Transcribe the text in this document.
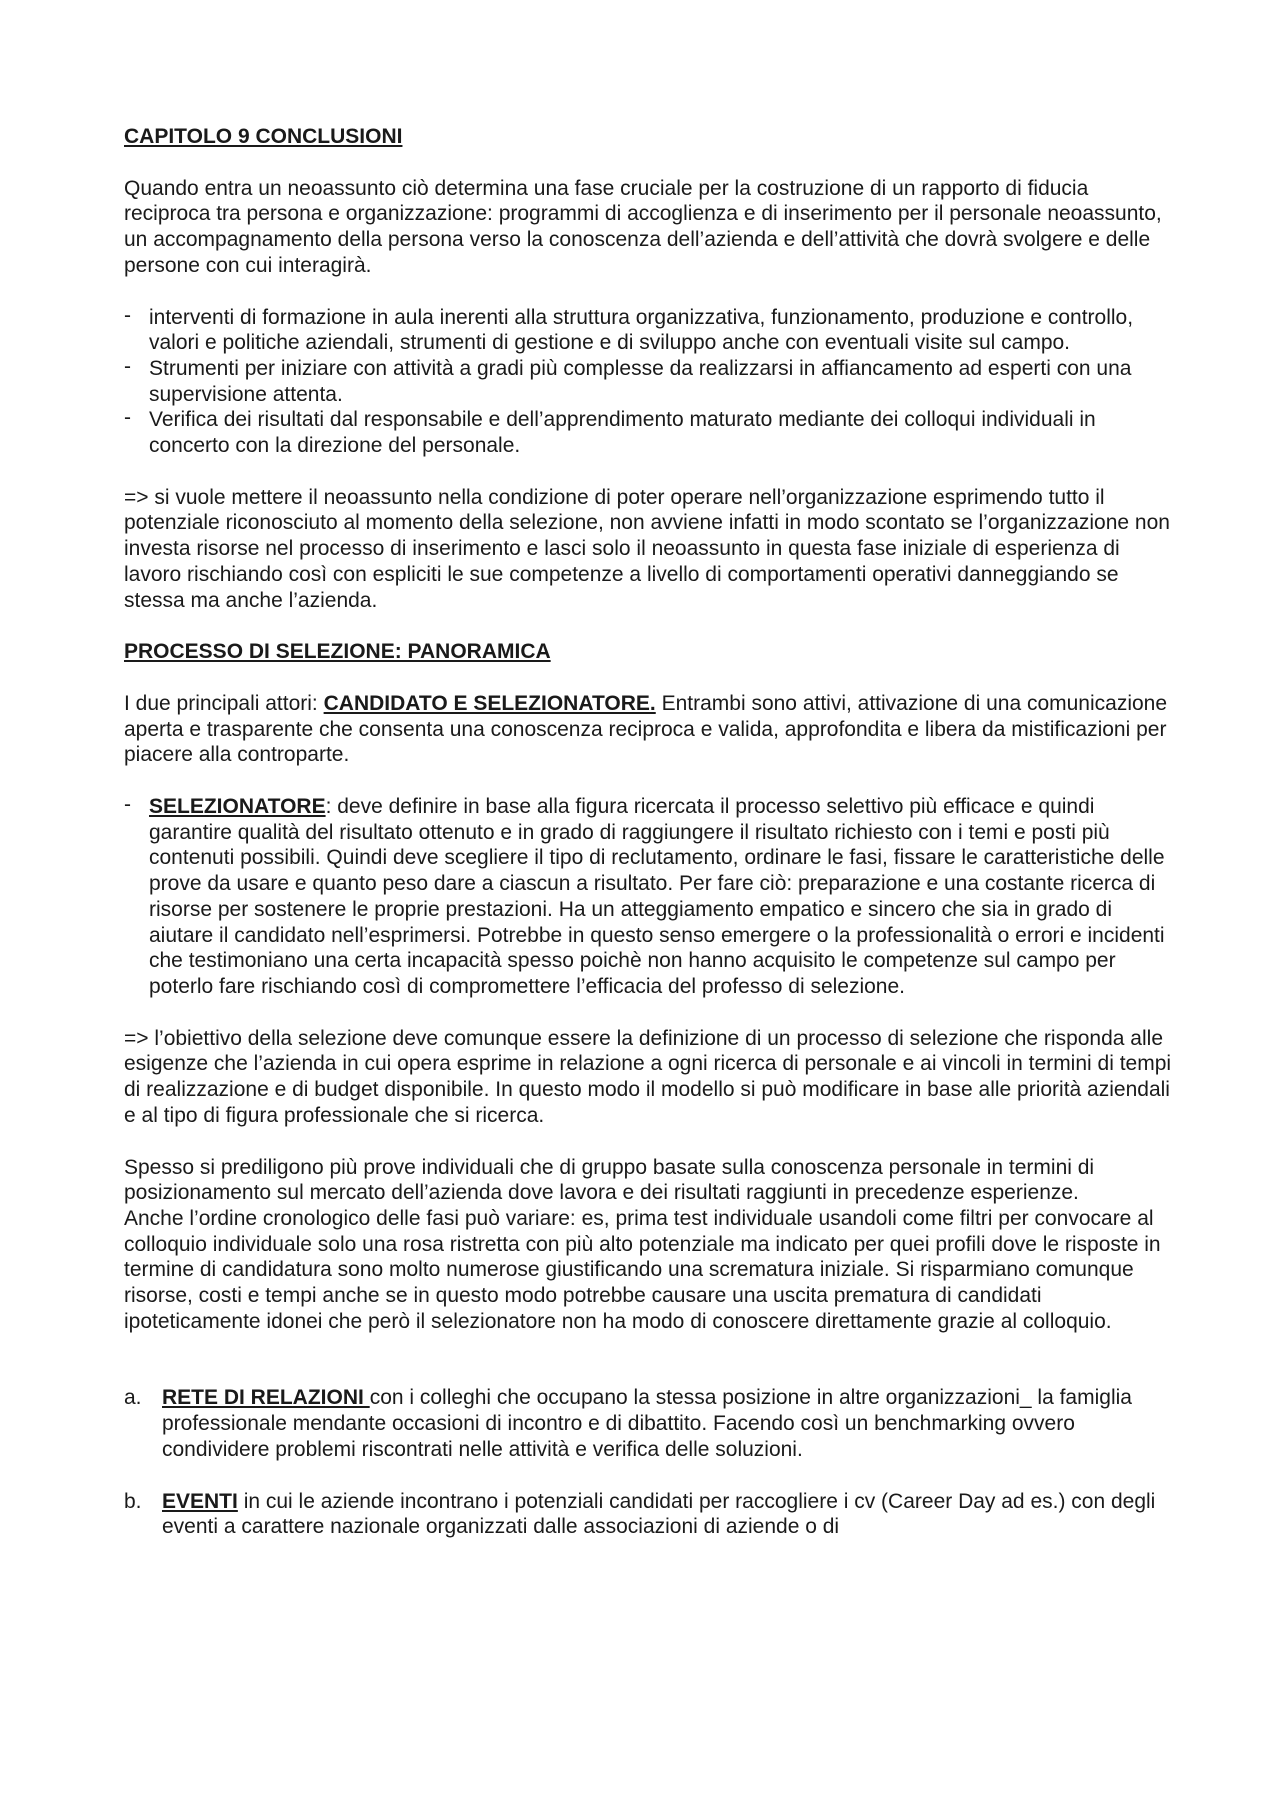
CAPITOLO 9 CONCLUSIONI

Quando entra un neoassunto ciò determina una fase cruciale per la costruzione di un rapporto di fiducia reciproca tra persona e organizzazione: programmi di accoglienza e di inserimento per il personale neoassunto, un accompagnamento della persona verso la conoscenza dell’azienda e dell’attività che dovrà svolgere e delle persone con cui interagirà.

- interventi di formazione in aula inerenti alla struttura organizzativa, funzionamento, produzione e controllo, valori e politiche aziendali, strumenti di gestione e di sviluppo anche con eventuali visite sul campo.
- Strumenti per iniziare con attività a gradi più complesse da realizzarsi in affiancamento ad esperti con una supervisione attenta.
- Verifica dei risultati dal responsabile e dell’apprendimento maturato mediante dei colloqui individuali in concerto con la direzione del personale.

=> si vuole mettere il neoassunto nella condizione di poter operare nell’organizzazione esprimendo tutto il potenziale riconosciuto al momento della selezione, non avviene infatti in modo scontato se l’organizzazione non investa risorse nel processo di inserimento e lasci solo il neoassunto in questa fase iniziale di esperienza di lavoro rischiando così con espliciti le sue competenze a livello di comportamenti operativi danneggiando se stessa ma anche l’azienda.

PROCESSO DI SELEZIONE: PANORAMICA

I due principali attori: CANDIDATO E SELEZIONATORE. Entrambi sono attivi, attivazione di una comunicazione aperta e trasparente che consenta una conoscenza reciproca e valida, approfondita e libera da mistificazioni per piacere alla controparte.

- SELEZIONATORE: deve definire in base alla figura ricercata il processo selettivo più efficace e quindi garantire qualità del risultato ottenuto e in grado di raggiungere il risultato richiesto con i temi e posti più contenuti possibili. Quindi deve scegliere il tipo di reclutamento, ordinare le fasi, fissare le caratteristiche delle prove da usare e quanto peso dare a ciascun a risultato. Per fare ciò: preparazione e una costante ricerca di risorse per sostenere le proprie prestazioni. Ha un atteggiamento empatico e sincero che sia in grado di aiutare il candidato nell’esprimersi. Potrebbe in questo senso emergere o la professionalità o errori e incidenti che testimoniano una certa incapacità spesso poichè non hanno acquisito le competenze sul campo per poterlo fare rischiando così di compromettere l’efficacia del professo di selezione.

=> l’obiettivo della selezione deve comunque essere la definizione di un processo di selezione che risponda alle esigenze che l’azienda in cui opera esprime in relazione a ogni ricerca di personale e ai vincoli in termini di tempi di realizzazione e di budget disponibile. In questo modo il modello si può modificare in base alle priorità aziendali e al tipo di figura professionale che si ricerca.

Spesso si prediligono più prove individuali che di gruppo basate sulla conoscenza personale in termini di posizionamento sul mercato dell’azienda dove lavora e dei risultati raggiunti in precedenze esperienze.

Anche l’ordine cronologico delle fasi può variare: es, prima test individuale usandoli come filtri per convocare al colloquio individuale solo una rosa ristretta con più alto potenziale ma indicato per quei profili dove le risposte in termine di candidatura sono molto numerose giustificando una scrematura iniziale. Si risparmiano comunque risorse, costi e tempi anche se in questo modo potrebbe causare una uscita prematura di candidati ipoteticamente idonei che però il selezionatore non ha modo di conoscere direttamente grazie al colloquio.

a. RETE DI RELAZIONI con i colleghi che occupano la stessa posizione in altre organizzazioni_ la famiglia professionale mendante occasioni di incontro e di dibattito. Facendo così un benchmarking ovvero condividere problemi riscontrati nelle attività e verifica delle soluzioni.
b. EVENTI in cui le aziende incontrano i potenziali candidati per raccogliere i cv (Career Day ad es.) con degli eventi a carattere nazionale organizzati dalle associazioni di aziende o di
